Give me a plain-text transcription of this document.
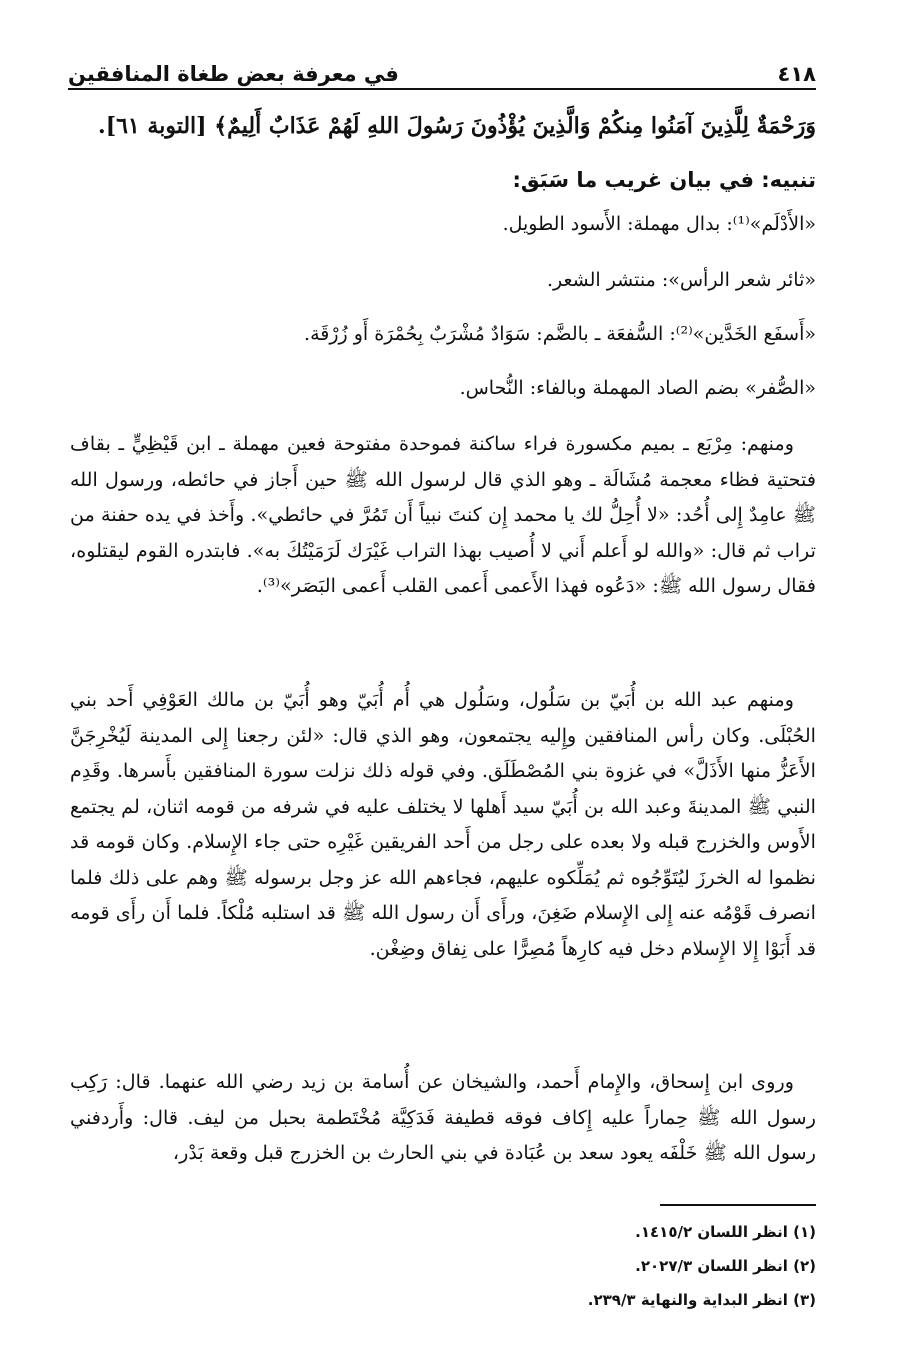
٤١٨
في معرفة بعض طغاة المنافقين
وَرَحْمَةٌ لِلَّذِينَ آمَنُوا مِنكُمْ وَالَّذِينَ يُؤْذُونَ رَسُولَ اللهِ لَهُمْ عَذَابٌ أَلِيمٌ﴾ [التوبة ٦١].
تنبيه: في بيان غريب ما سَبَق:
«الأَدْلَم»⁽¹⁾: بدال مهملة: الأَسود الطويل.
«ثائر شعر الرأس»: منتشر الشعر.
«أَسفَع الخَدَّين»⁽²⁾: السُّفعَة ـ بالضَّم: سَوَادٌ مُشْرَبٌ بِحُمْرَة أَو زُرْقَة.
«الصُّفر» بضم الصاد المهملة وبالفاء: النُّحاس.
ومنهم: مِرْبَع ـ بميم مكسورة فراء ساكنة فموحدة مفتوحة فعين مهملة ـ ابن قَيْظِيٍّ ـ بقاف فتحتية فظاء معجمة مُشَالَة ـ وهو الذي قال لرسول الله ﷺ حين أَجاز في حائطه، ورسول الله ﷺ عامِدٌ إِلى أُحُد: «لا أُحِلُّ لك يا محمد إِن كنتَ نبياً أَن تَمُرَّ في حائطي». وأَخذ في يده حفنة من تراب ثم قال: «والله لو أَعلم أَني لا أُصيب بهذا التراب غَيْرَك لَرَمَيْتُكَ به». فابتدره القوم ليقتلوه، فقال رسول الله ﷺ: «دَعُوه فهذا الأَعمى أَعمى القلب أَعمى البَصَر»⁽³⁾.
ومنهم عبد الله بن أُبَيّ بن سَلُول، وسَلُول هي أُم أُبَيّ وهو أُبَيّ بن مالك العَوْفِي أَحد بني الحُبْلَى. وكان رأس المنافقين وإِليه يجتمعون، وهو الذي قال: «لئن رجعنا إِلى المدينة لَيُخْرِجَنَّ الأَعَزُّ منها الأَذَلَّ» في غزوة بني المُصْطَلَق. وفي قوله ذلك نزلت سورة المنافقين بأَسرها. وقَدِم النبي ﷺ المدينةَ وعبد الله بن أُبَيّ سيد أَهلها لا يختلف عليه في شرفه من قومه اثنان، لم يجتمع الأَوس والخزرج قبله ولا بعده على رجل من أَحد الفريقين غَيْرِه حتى جاء الإِسلام. وكان قومه قد نظموا له الخرزَ ليُتَوِّجُوه ثم يُمَلِّكوه عليهم، فجاءهم الله عز وجل برسوله ﷺ وهم على ذلك فلما انصرف قَوْمُه عنه إِلى الإِسلام ضَغِنَ، ورأَى أَن رسول الله ﷺ قد استلبه مُلْكاً. فلما أَن رأَى قومه قد أَبَوْا إِلا الإِسلام دخل فيه كارِهاً مُصِرًّا على نِفاق وضِغْن.
وروى ابن إِسحاق، والإِمام أَحمد، والشيخان عن أُسامة بن زيد رضي الله عنهما. قال: رَكِب رسول الله ﷺ حِماراً عليه إِكاف فوقه قطيفة فَدَكِيَّة مُخْتَطمة بحبل من ليف. قال: وأَردفني رسول الله ﷺ خَلْفَه يعود سعد بن عُبَادة في بني الحارث بن الخزرج قبل وقعة بَدْر،
(١) انظر اللسان ١٤١٥/٢.
(٢) انظر اللسان ٢٠٢٧/٣.
(٣) انظر البداية والنهاية ٢٣٩/٣.
